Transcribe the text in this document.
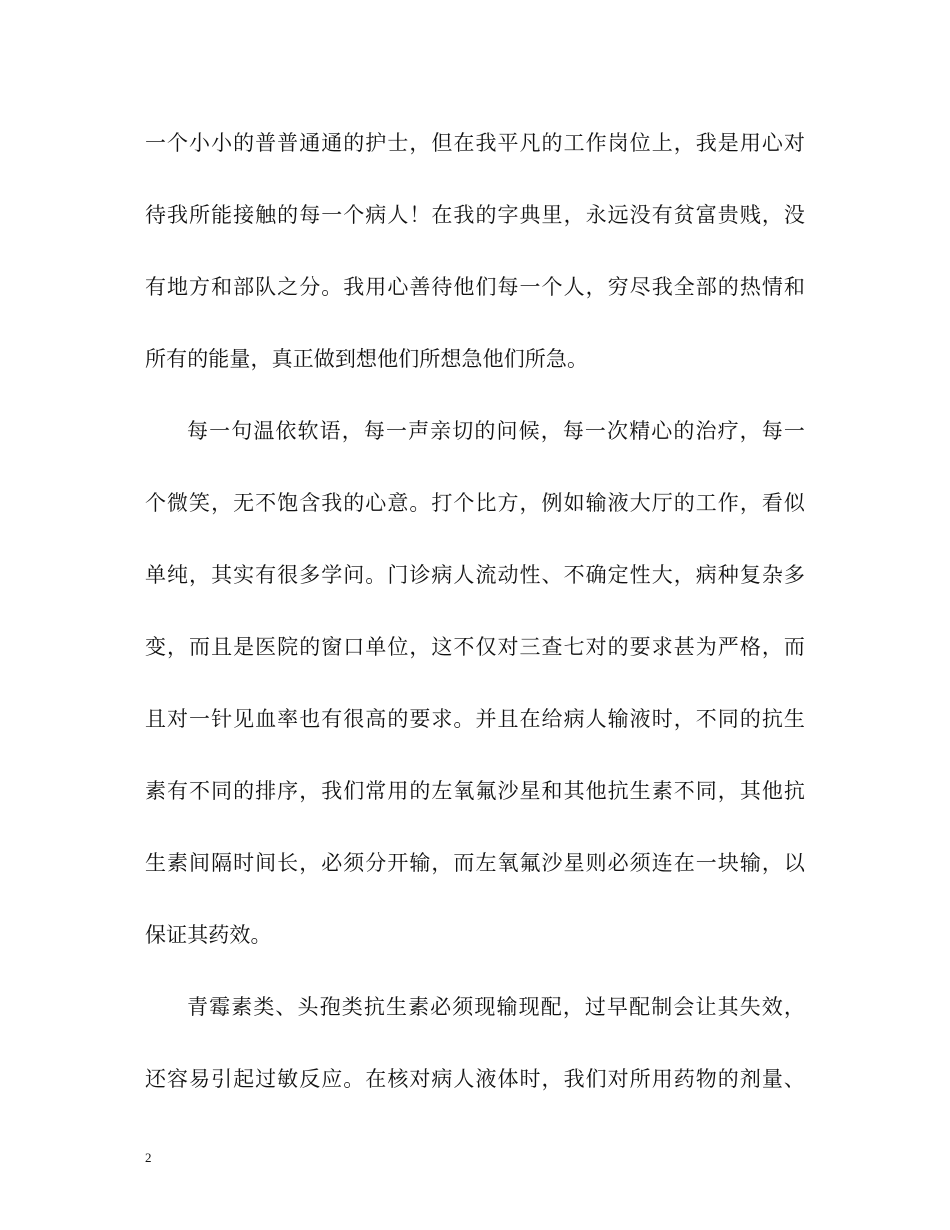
一个小小的普普通通的护士，但在我平凡的工作岗位上，我是用心对
待我所能接触的每一个病人！在我的字典里，永远没有贫富贵贱，没
有地方和部队之分。我用心善待他们每一个人，穷尽我全部的热情和
所有的能量，真正做到想他们所想急他们所急。
每一句温依软语，每一声亲切的问候，每一次精心的治疗，每一
个微笑，无不饱含我的心意。打个比方，例如输液大厅的工作，看似
单纯，其实有很多学问。门诊病人流动性、不确定性大，病种复杂多
变，而且是医院的窗口单位，这不仅对三查七对的要求甚为严格，而
且对一针见血率也有很高的要求。并且在给病人输液时，不同的抗生
素有不同的排序，我们常用的左氧氟沙星和其他抗生素不同，其他抗
生素间隔时间长，必须分开输，而左氧氟沙星则必须连在一块输，以
保证其药效。
青霉素类、头孢类抗生素必须现输现配，过早配制会让其失效，
还容易引起过敏反应。在核对病人液体时，我们对所用药物的剂量、
2
